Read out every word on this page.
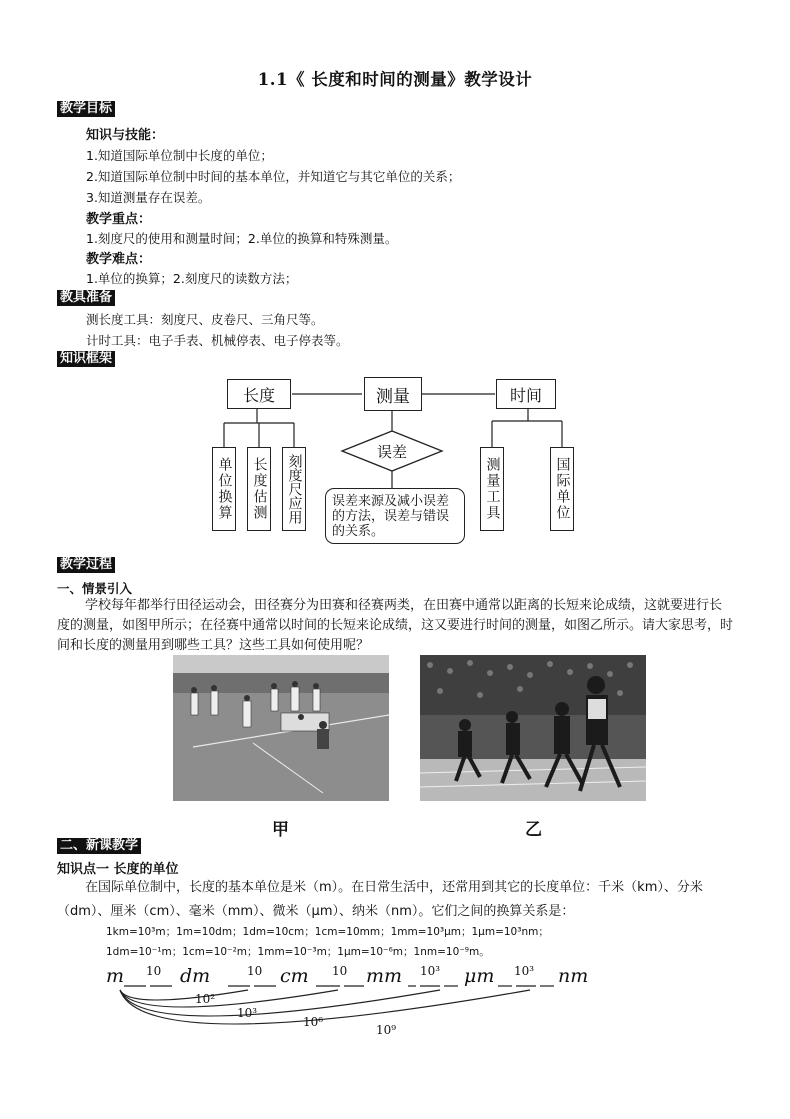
1.1《 长度和时间的测量》教学设计
教学目标
知识与技能：
1.知道国际单位制中长度的单位；
2.知道国际单位制中时间的基本单位，并知道它与其它单位的关系；
3.知道测量存在误差。
教学重点：
1.刻度尺的使用和测量时间；2.单位的换算和特殊测量。
教学难点：
1.单位的换算；2.刻度尺的读数方法；
教具准备
测长度工具：刻度尺、皮卷尺、三角尺等。
计时工具：电子手表、机械停表、电子停表等。
知识框架
长度	测量	时间
误差
单位换算 长度估测 刻度尺应用	误差来源及减小误差的方法，误差与错误的关系。
测量工具	国际单位
教学过程
一、情景引入
学校每年都举行田径运动会，田径赛分为田赛和径赛两类，在田赛中通常以距离的长短来论成绩，这就要进行长度的测量，如图甲所示；在径赛中通常以时间的长短来论成绩，这又要进行时间的测量，如图乙所示。请大家思考，时间和长度的测量用到哪些工具？这些工具如何使用呢？
甲	乙
二、新课教学
知识点一 长度的单位
在国际单位制中，长度的基本单位是米（m）。在日常生活中，还常用到其它的长度单位：千米（km）、分米（dm）、厘米（cm）、毫米（mm）、微米（μm）、纳米（nm）。它们之间的换算关系是：
1km=10³m；1m=10dm；1dm=10cm；1cm=10mm；1mm=10³μm；1μm=10³nm；
1dm=10⁻¹m；1cm=10⁻²m；1mm=10⁻³m；1μm=10⁻⁶m；1nm=10⁻⁹m。
m	dm	cm	mm	μm	nm
10	10	10	10³	10³
10²
10³
10⁶
10⁹
